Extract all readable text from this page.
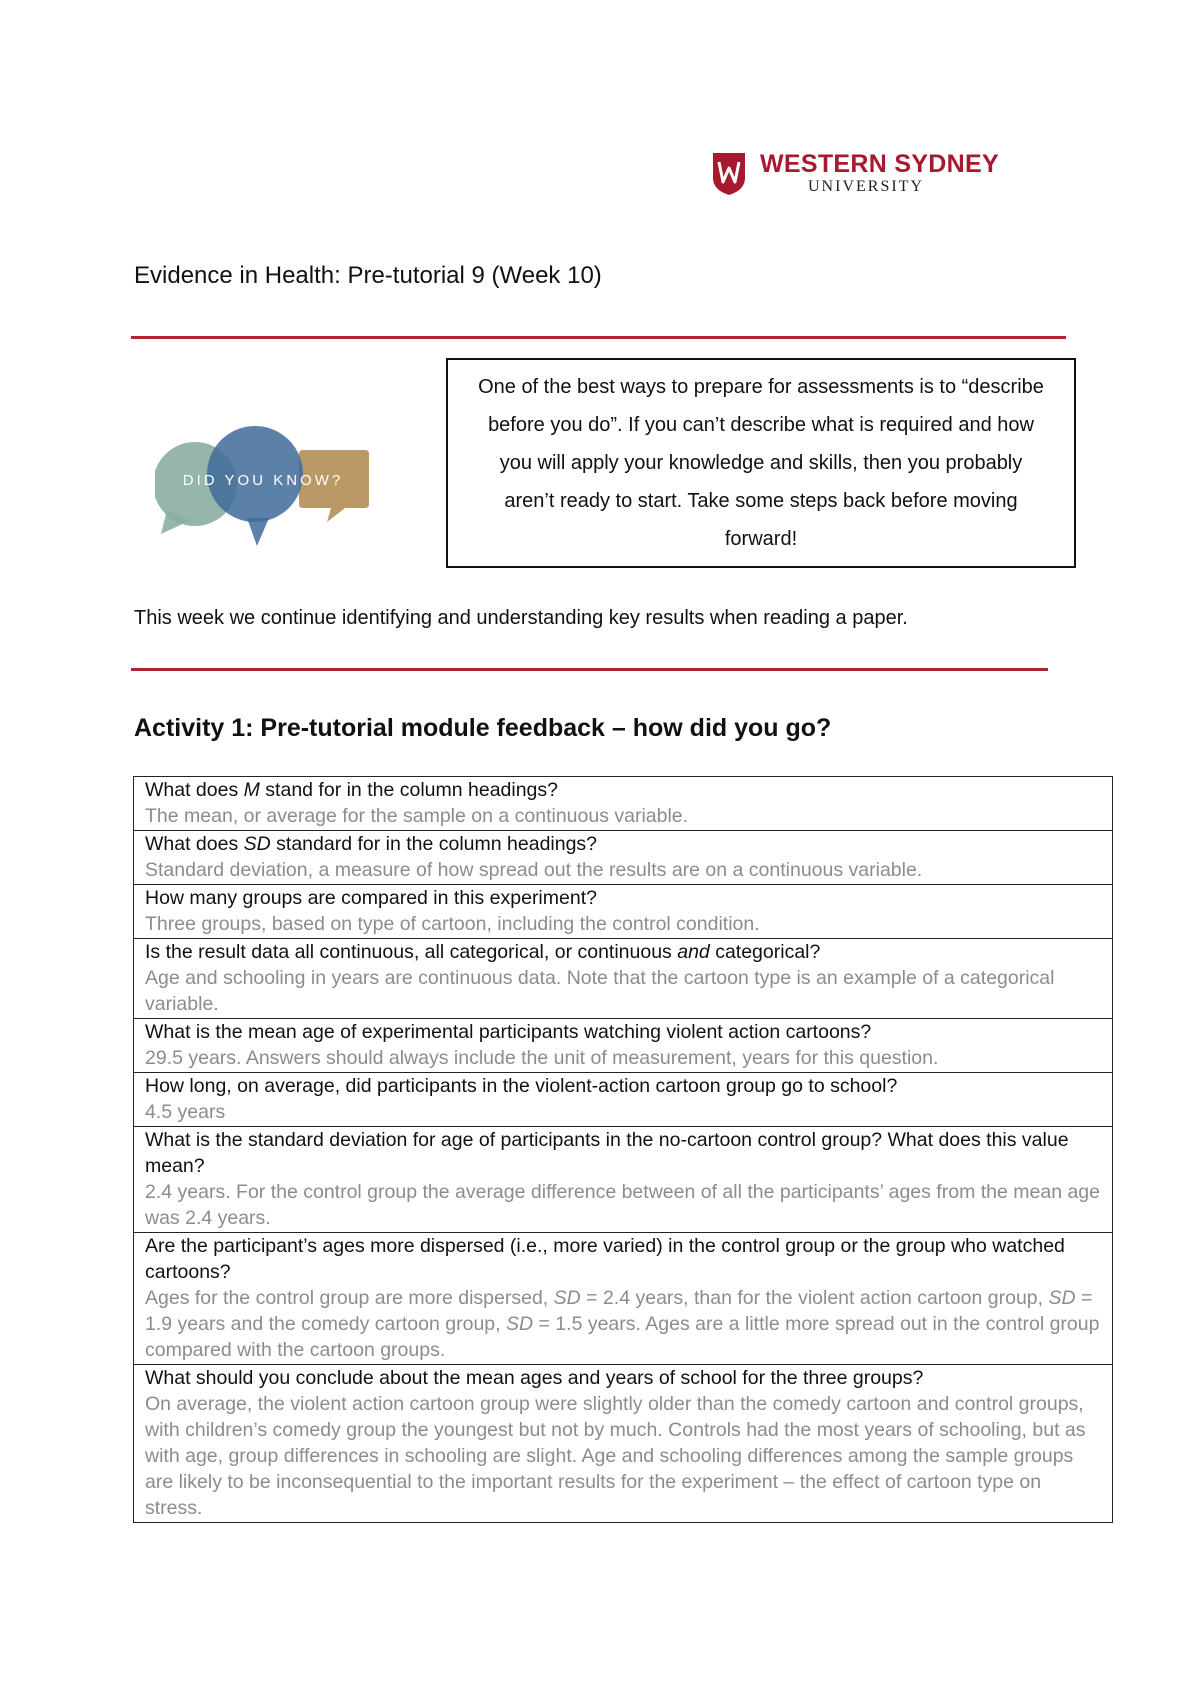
WESTERN SYDNEY
UNIVERSITY
Evidence in Health: Pre-tutorial 9 (Week 10)
DID YOU KNOW?
One of the best ways to prepare for assessments is to “describe before you do”. If you can’t describe what is required and how you will apply your knowledge and skills, then you probably aren’t ready to start. Take some steps back before moving forward!
This week we continue identifying and understanding key results when reading a paper.
Activity 1: Pre-tutorial module feedback – how did you go?
What does M stand for in the column headings?
The mean, or average for the sample on a continuous variable.

What does SD standard for in the column headings?
Standard deviation, a measure of how spread out the results are on a continuous variable.

How many groups are compared in this experiment?
Three groups, based on type of cartoon, including the control condition.

Is the result data all continuous, all categorical, or continuous and categorical?
Age and schooling in years are continuous data. Note that the cartoon type is an example of a categorical variable.

What is the mean age of experimental participants watching violent action cartoons?
29.5 years. Answers should always include the unit of measurement, years for this question.

How long, on average, did participants in the violent-action cartoon group go to school?
4.5 years

What is the standard deviation for age of participants in the no-cartoon control group? What does this value mean?
2.4 years. For the control group the average difference between of all the participants’ ages from the mean age was 2.4 years.

Are the participant’s ages more dispersed (i.e., more varied) in the control group or the group who watched cartoons?
Ages for the control group are more dispersed, SD = 2.4 years, than for the violent action cartoon group, SD = 1.9 years and the comedy cartoon group, SD = 1.5 years. Ages are a little more spread out in the control group compared with the cartoon groups.

What should you conclude about the mean ages and years of school for the three groups?
On average, the violent action cartoon group were slightly older than the comedy cartoon and control groups, with children’s comedy group the youngest but not by much. Controls had the most years of schooling, but as with age, group differences in schooling are slight. Age and schooling differences among the sample groups are likely to be inconsequential to the important results for the experiment – the effect of cartoon type on stress.
